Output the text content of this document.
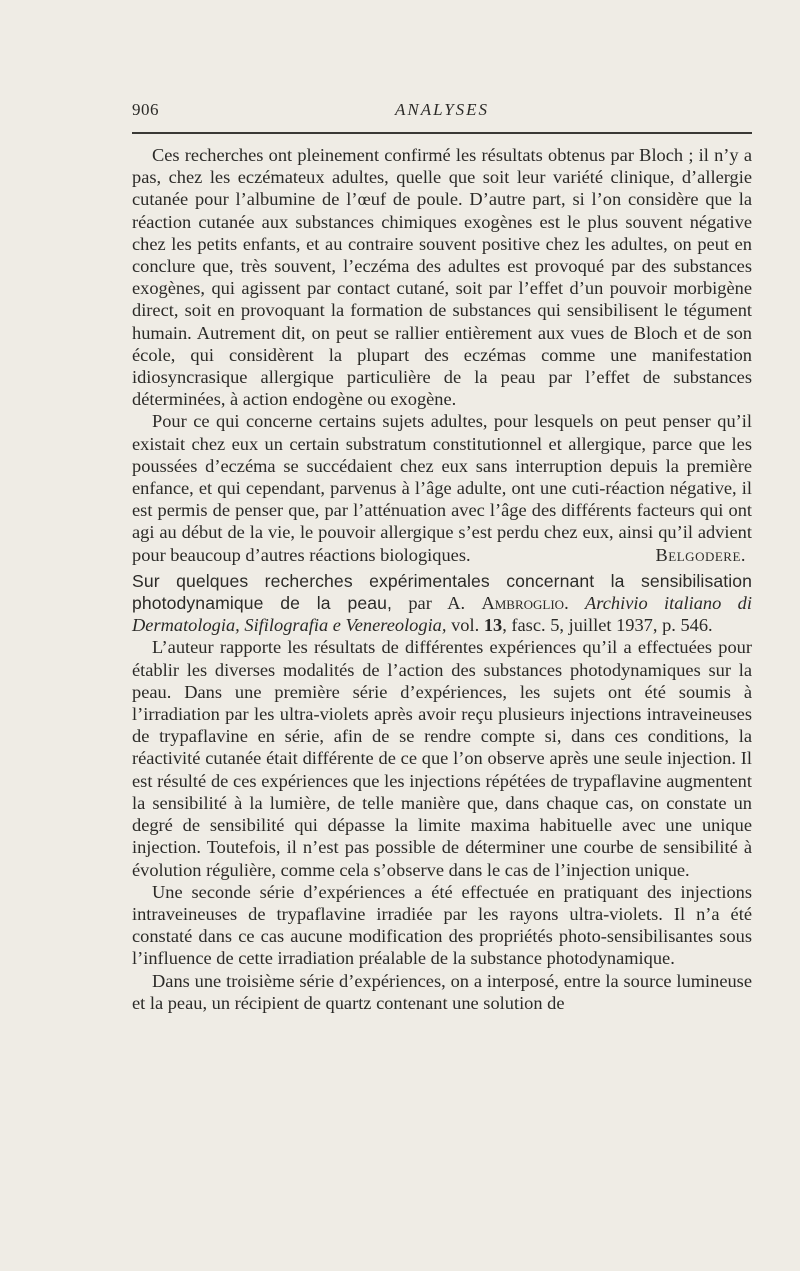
906	ANALYSES

Ces recherches ont pleinement confirmé les résultats obtenus par Bloch ; il n’y a pas, chez les eczémateux adultes, quelle que soit leur variété clinique, d’allergie cutanée pour l’albumine de l’œuf de poule. D’autre part, si l’on considère que la réaction cutanée aux substances chimiques exogènes est le plus souvent négative chez les petits enfants, et au contraire souvent positive chez les adultes, on peut en conclure que, très souvent, l’eczéma des adultes est provoqué par des substances exogènes, qui agissent par contact cutané, soit par l’effet d’un pouvoir morbigène direct, soit en provoquant la formation de substances qui sensibilisent le tégument humain. Autrement dit, on peut se rallier entièrement aux vues de Bloch et de son école, qui considèrent la plupart des eczémas comme une manifestation idiosyncrasique allergique particulière de la peau par l’effet de substances déterminées, à action endogène ou exogène.

Pour ce qui concerne certains sujets adultes, pour lesquels on peut penser qu’il existait chez eux un certain substratum constitutionnel et allergique, parce que les poussées d’eczéma se succédaient chez eux sans interruption depuis la première enfance, et qui cependant, parvenus à l’âge adulte, ont une cuti-réaction négative, il est permis de penser que, par l’atténuation avec l’âge des différents facteurs qui ont agi au début de la vie, le pouvoir allergique s’est perdu chez eux, ainsi qu’il advient pour beaucoup d’autres réactions biologiques.	Belgodere.

Sur quelques recherches expérimentales concernant la sensibilisation photodynamique de la peau, par A. Ambroglio. Archivio italiano di Dermatologia, Sifilografia e Venereologia, vol. 13, fasc. 5, juillet 1937, p. 546.

L’auteur rapporte les résultats de différentes expériences qu’il a effectuées pour établir les diverses modalités de l’action des substances photodynamiques sur la peau. Dans une première série d’expériences, les sujets ont été soumis à l’irradiation par les ultra-violets après avoir reçu plusieurs injections intraveineuses de trypaflavine en série, afin de se rendre compte si, dans ces conditions, la réactivité cutanée était différente de ce que l’on observe après une seule injection. Il est résulté de ces expériences que les injections répétées de trypaflavine augmentent la sensibilité à la lumière, de telle manière que, dans chaque cas, on constate un degré de sensibilité qui dépasse la limite maxima habituelle avec une unique injection. Toutefois, il n’est pas possible de déterminer une courbe de sensibilité à évolution régulière, comme cela s’observe dans le cas de l’injection unique.

Une seconde série d’expériences a été effectuée en pratiquant des injections intraveineuses de trypaflavine irradiée par les rayons ultra-violets. Il n’a été constaté dans ce cas aucune modification des propriétés photo-sensibilisantes sous l’influence de cette irradiation préalable de la substance photodynamique.

Dans une troisième série d’expériences, on a interposé, entre la source lumineuse et la peau, un récipient de quartz contenant une solution de
